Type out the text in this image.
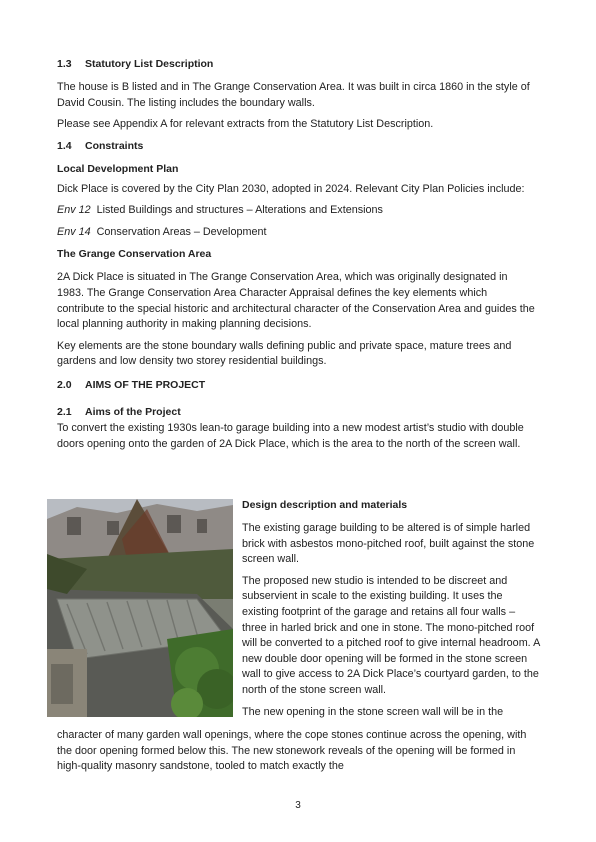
1.3 Statutory List Description

The house is B listed and in The Grange Conservation Area. It was built in circa 1860 in the style of David Cousin. The listing includes the boundary walls.

Please see Appendix A for relevant extracts from the Statutory List Description.

1.4 Constraints

Local Development Plan

Dick Place is covered by the City Plan 2030, adopted in 2024. Relevant City Plan Policies include:

Env 12 Listed Buildings and structures – Alterations and Extensions

Env 14 Conservation Areas – Development

The Grange Conservation Area

2A Dick Place is situated in The Grange Conservation Area, which was originally designated in 1983. The Grange Conservation Area Character Appraisal defines the key elements which contribute to the special historic and architectural character of the Conservation Area and guides the local planning authority in making planning decisions.

Key elements are the stone boundary walls defining public and private space, mature trees and gardens and low density two storey residential buildings.

2.0 AIMS OF THE PROJECT

2.1 Aims of the Project

To convert the existing 1930s lean-to garage building into a new modest artist’s studio with double doors opening onto the garden of 2A Dick Place, which is the area to the north of the screen wall.

Design description and materials

The existing garage building to be altered is of simple harled brick with asbestos mono-pitched roof, built against the stone screen wall.

The proposed new studio is intended to be discreet and subservient in scale to the existing building. It uses the existing footprint of the garage and retains all four walls – three in harled brick and one in stone. The mono-pitched roof will be converted to a pitched roof to give internal headroom. A new double door opening will be formed in the stone screen wall to give access to 2A Dick Place’s courtyard garden, to the north of the stone screen wall.

The new opening in the stone screen wall will be in the

character of many garden wall openings, where the cope stones continue across the opening, with the door opening formed below this. The new stonework reveals of the opening will be formed in high-quality masonry sandstone, tooled to match exactly the

3
